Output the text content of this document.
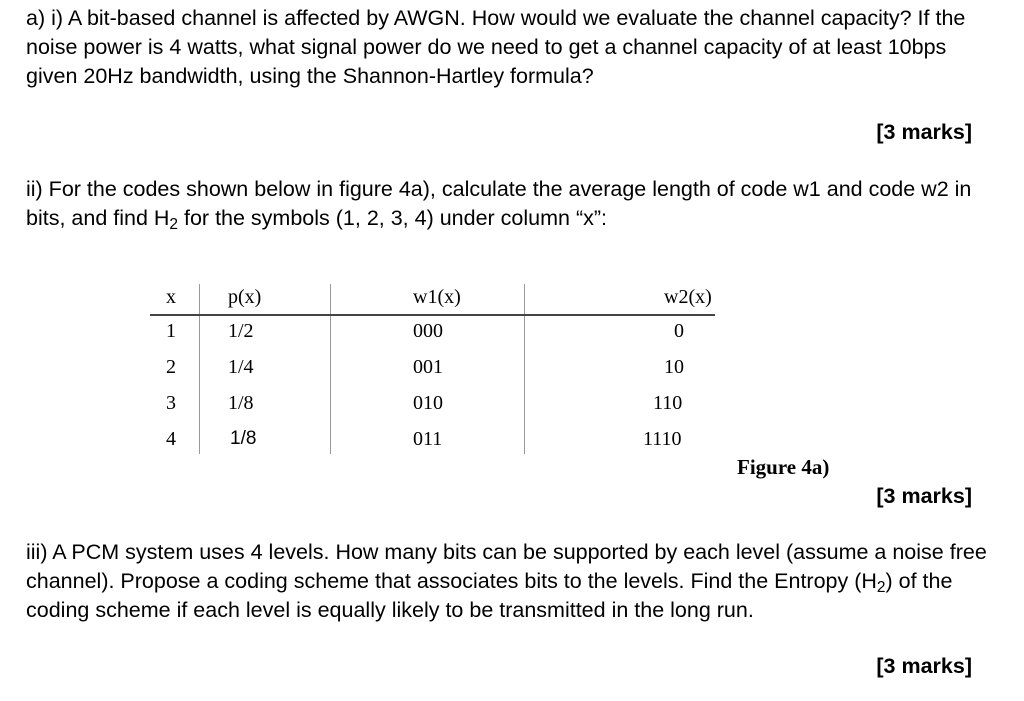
a) i) A bit-based channel is affected by AWGN. How would we evaluate the channel capacity? If the noise power is 4 watts, what signal power do we need to get a channel capacity of at least 10bps given 20Hz bandwidth, using the Shannon-Hartley formula?

[3 marks]

ii) For the codes shown below in figure 4a), calculate the average length of code w1 and code w2 in bits, and find $H_2$ for the symbols (1, 2, 3, 4) under column “x”:

x	p(x)	w1(x)	w2(x)
1	1/2	000	0
2	1/4	001	10
3	1/8	010	110
4	1/8	011	1110
Figure 4a)
[3 marks]

iii) A PCM system uses 4 levels. How many bits can be supported by each level (assume a noise free channel). Propose a coding scheme that associates bits to the levels. Find the Entropy $(H_2)$ of the coding scheme if each level is equally likely to be transmitted in the long run.

[3 marks]
